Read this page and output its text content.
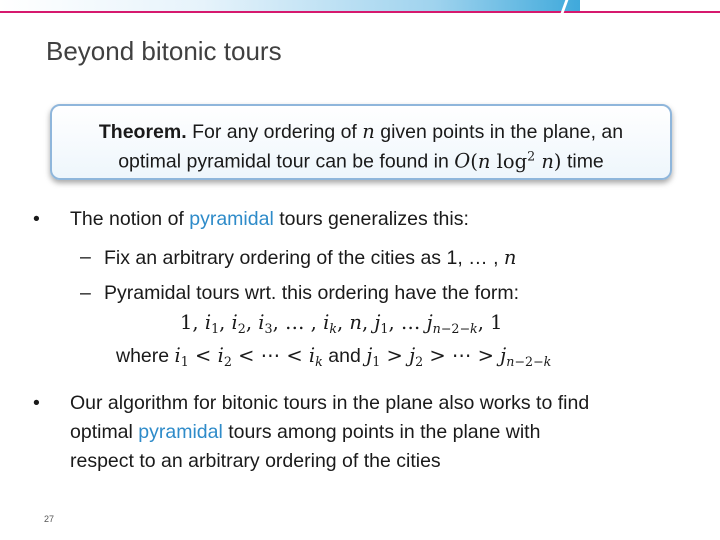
Beyond bitonic tours
Theorem. For any ordering of n given points in the plane, an
optimal pyramidal tour can be found in O(n $\log^2 n$) time
• The notion of pyramidal tours generalizes this:
– Fix an arbitrary ordering of the cities as 1, … , n
– Pyramidal tours wrt. this ordering have the form:
1, $i_1$, $i_2$, $i_3$, … , $i_k$, n, $j_1$, … $j_{n-2-k}$, 1
where $i_1 < i_2$ < ⋯ < $i_k$ and $j_1 > j_2$ > ⋯ > $j_{n-2-k}$
• Our algorithm for bitonic tours in the plane also works to find
optimal pyramidal tours among points in the plane with
respect to an arbitrary ordering of the cities
27
